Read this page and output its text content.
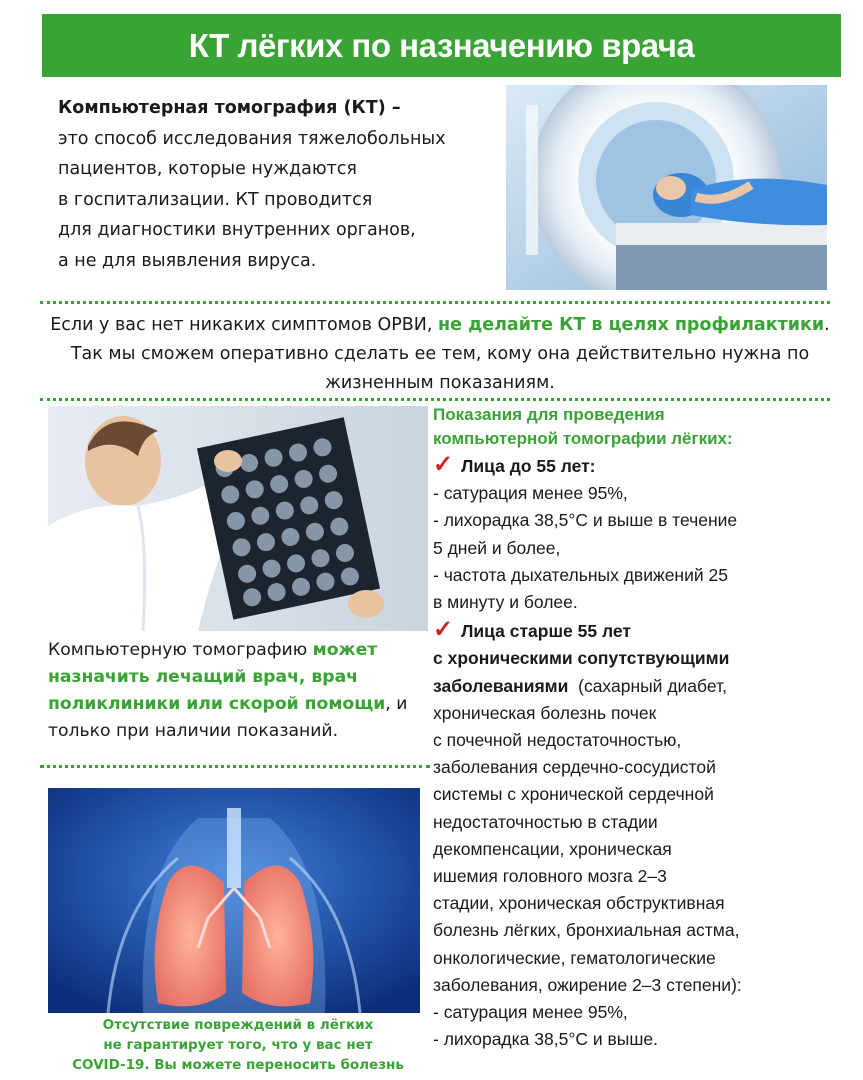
КТ лёгких по назначению врача
Компьютерная томография (КТ) –
это способ исследования тяжелобольных
пациентов, которые нуждаются
в госпитализации. КТ проводится
для диагностики внутренних органов,
а не для выявления вируса.
Если у вас нет никаких симптомов ОРВИ, не делайте КТ в целях профилактики. Так мы сможем оперативно сделать ее тем, кому она действительно нужна по жизненным показаниям.
Компьютерную томографию может назначить лечащий врач, врач поликлиники или скорой помощи, и только при наличии показаний.
Отсутствие повреждений в лёгких
не гарантирует того, что у вас нет
COVID-19. Вы можете переносить болезнь
Показания для проведения
компьютерной томографии лёгких:
✓ Лица до 55 лет:
- сатурация менее 95%,
- лихорадка 38,5°С и выше в течение
5 дней и более,
- частота дыхательных движений 25
в минуту и более.
✓ Лица старше 55 лет
с хроническими сопутствующими
заболеваниями  (сахарный диабет,
хроническая болезнь почек
с почечной недостаточностью,
заболевания сердечно-сосудистой
системы с хронической сердечной
недостаточностью в стадии
декомпенсации, хроническая
ишемия головного мозга 2–3
стадии, хроническая обструктивная
болезнь лёгких, бронхиальная астма,
онкологические, гематологические
заболевания, ожирение 2–3 степени):
- сатурация менее 95%,
- лихорадка 38,5°С и выше.
